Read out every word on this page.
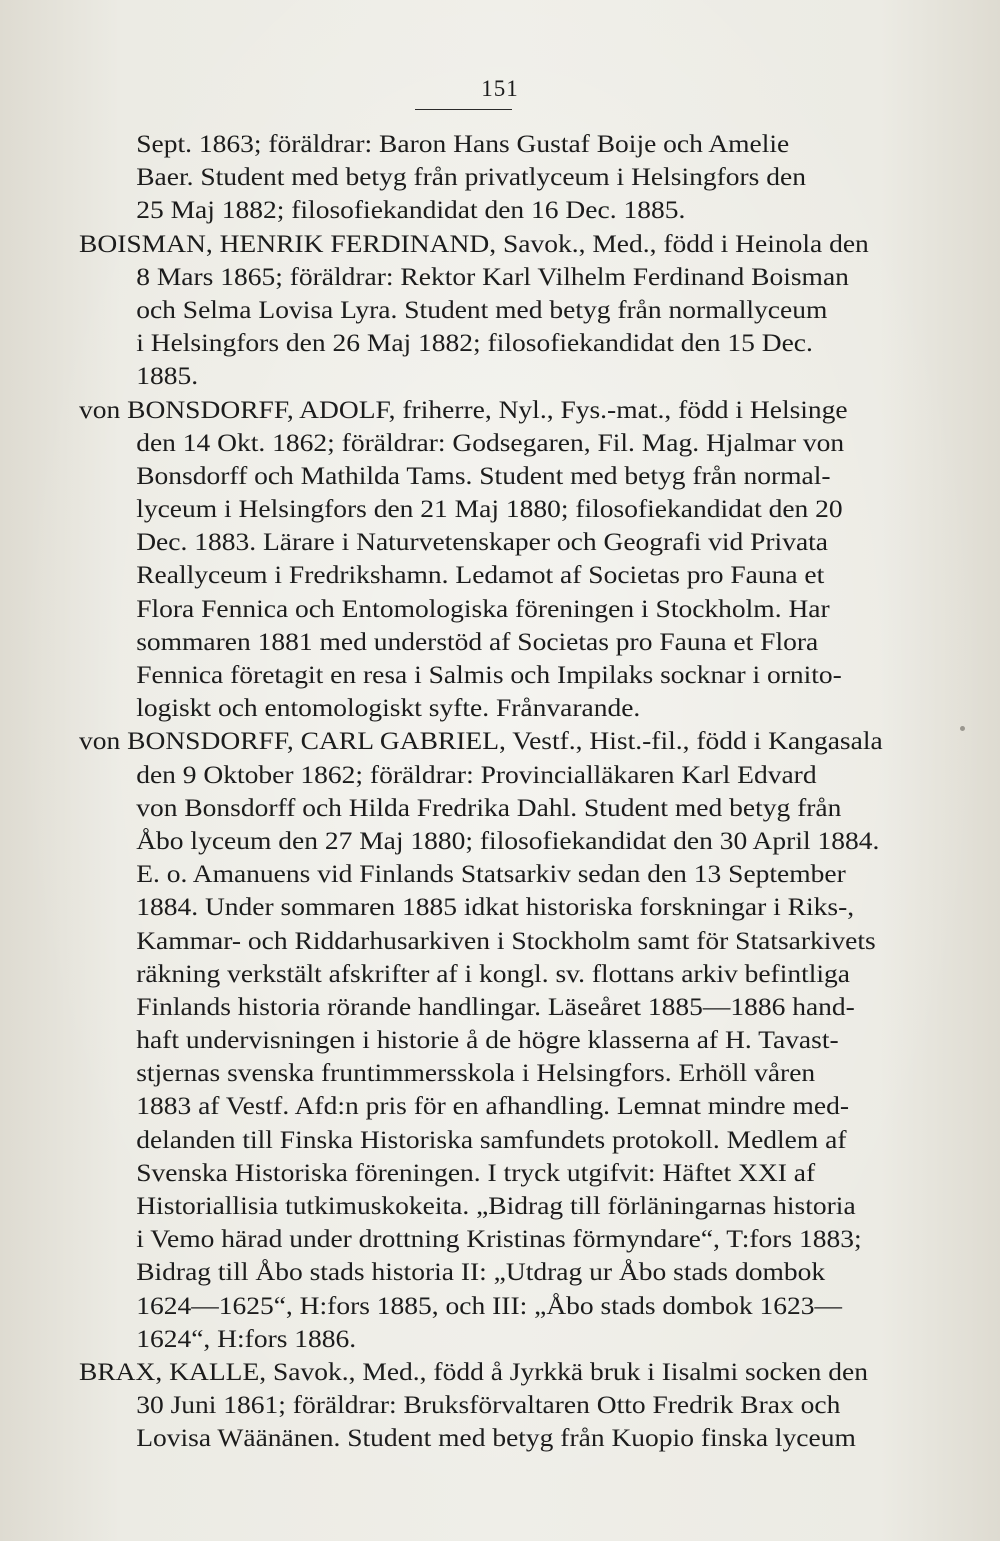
151
Sept. 1863; föräldrar: Baron Hans Gustaf Boije och Amelie
Baer. Student med betyg från privatlyceum i Helsingfors den
25 Maj 1882; filosofiekandidat den 16 Dec. 1885.
BOISMAN, HENRIK FERDINAND, Savok., Med., född i Heinola den
8 Mars 1865; föräldrar: Rektor Karl Vilhelm Ferdinand Boisman
och Selma Lovisa Lyra. Student med betyg från normallyceum
i Helsingfors den 26 Maj 1882; filosofiekandidat den 15 Dec.
1885.
von BONSDORFF, ADOLF, friherre, Nyl., Fys.-mat., född i Helsinge
den 14 Okt. 1862; föräldrar: Godsegaren, Fil. Mag. Hjalmar von
Bonsdorff och Mathilda Tams. Student med betyg från normal-
lyceum i Helsingfors den 21 Maj 1880; filosofiekandidat den 20
Dec. 1883. Lärare i Naturvetenskaper och Geografi vid Privata
Reallyceum i Fredrikshamn. Ledamot af Societas pro Fauna et
Flora Fennica och Entomologiska föreningen i Stockholm. Har
sommaren 1881 med understöd af Societas pro Fauna et Flora
Fennica företagit en resa i Salmis och Impilaks socknar i ornito-
logiskt och entomologiskt syfte. Frånvarande.
von BONSDORFF, CARL GABRIEL, Vestf., Hist.-fil., född i Kangasala
den 9 Oktober 1862; föräldrar: Provincialläkaren Karl Edvard
von Bonsdorff och Hilda Fredrika Dahl. Student med betyg från
Åbo lyceum den 27 Maj 1880; filosofiekandidat den 30 April 1884.
E. o. Amanuens vid Finlands Statsarkiv sedan den 13 September
1884. Under sommaren 1885 idkat historiska forskningar i Riks-,
Kammar- och Riddarhusarkiven i Stockholm samt för Statsarkivets
räkning verkstält afskrifter af i kongl. sv. flottans arkiv befintliga
Finlands historia rörande handlingar. Läseåret 1885—1886 hand-
haft undervisningen i historie å de högre klasserna af H. Tavast-
stjernas svenska fruntimmersskola i Helsingfors. Erhöll våren
1883 af Vestf. Afd:n pris för en afhandling. Lemnat mindre med-
delanden till Finska Historiska samfundets protokoll. Medlem af
Svenska Historiska föreningen. I tryck utgifvit: Häftet XXI af
Historiallisia tutkimuskokeita. „Bidrag till förläningarnas historia
i Vemo härad under drottning Kristinas förmyndare“, T:fors 1883;
Bidrag till Åbo stads historia II: „Utdrag ur Åbo stads dombok
1624—1625“, H:fors 1885, och III: „Åbo stads dombok 1623—
1624“, H:fors 1886.
BRAX, KALLE, Savok., Med., född å Jyrkkä bruk i Iisalmi socken den
30 Juni 1861; föräldrar: Bruksförvaltaren Otto Fredrik Brax och
Lovisa Wäänänen. Student med betyg från Kuopio finska lyceum
